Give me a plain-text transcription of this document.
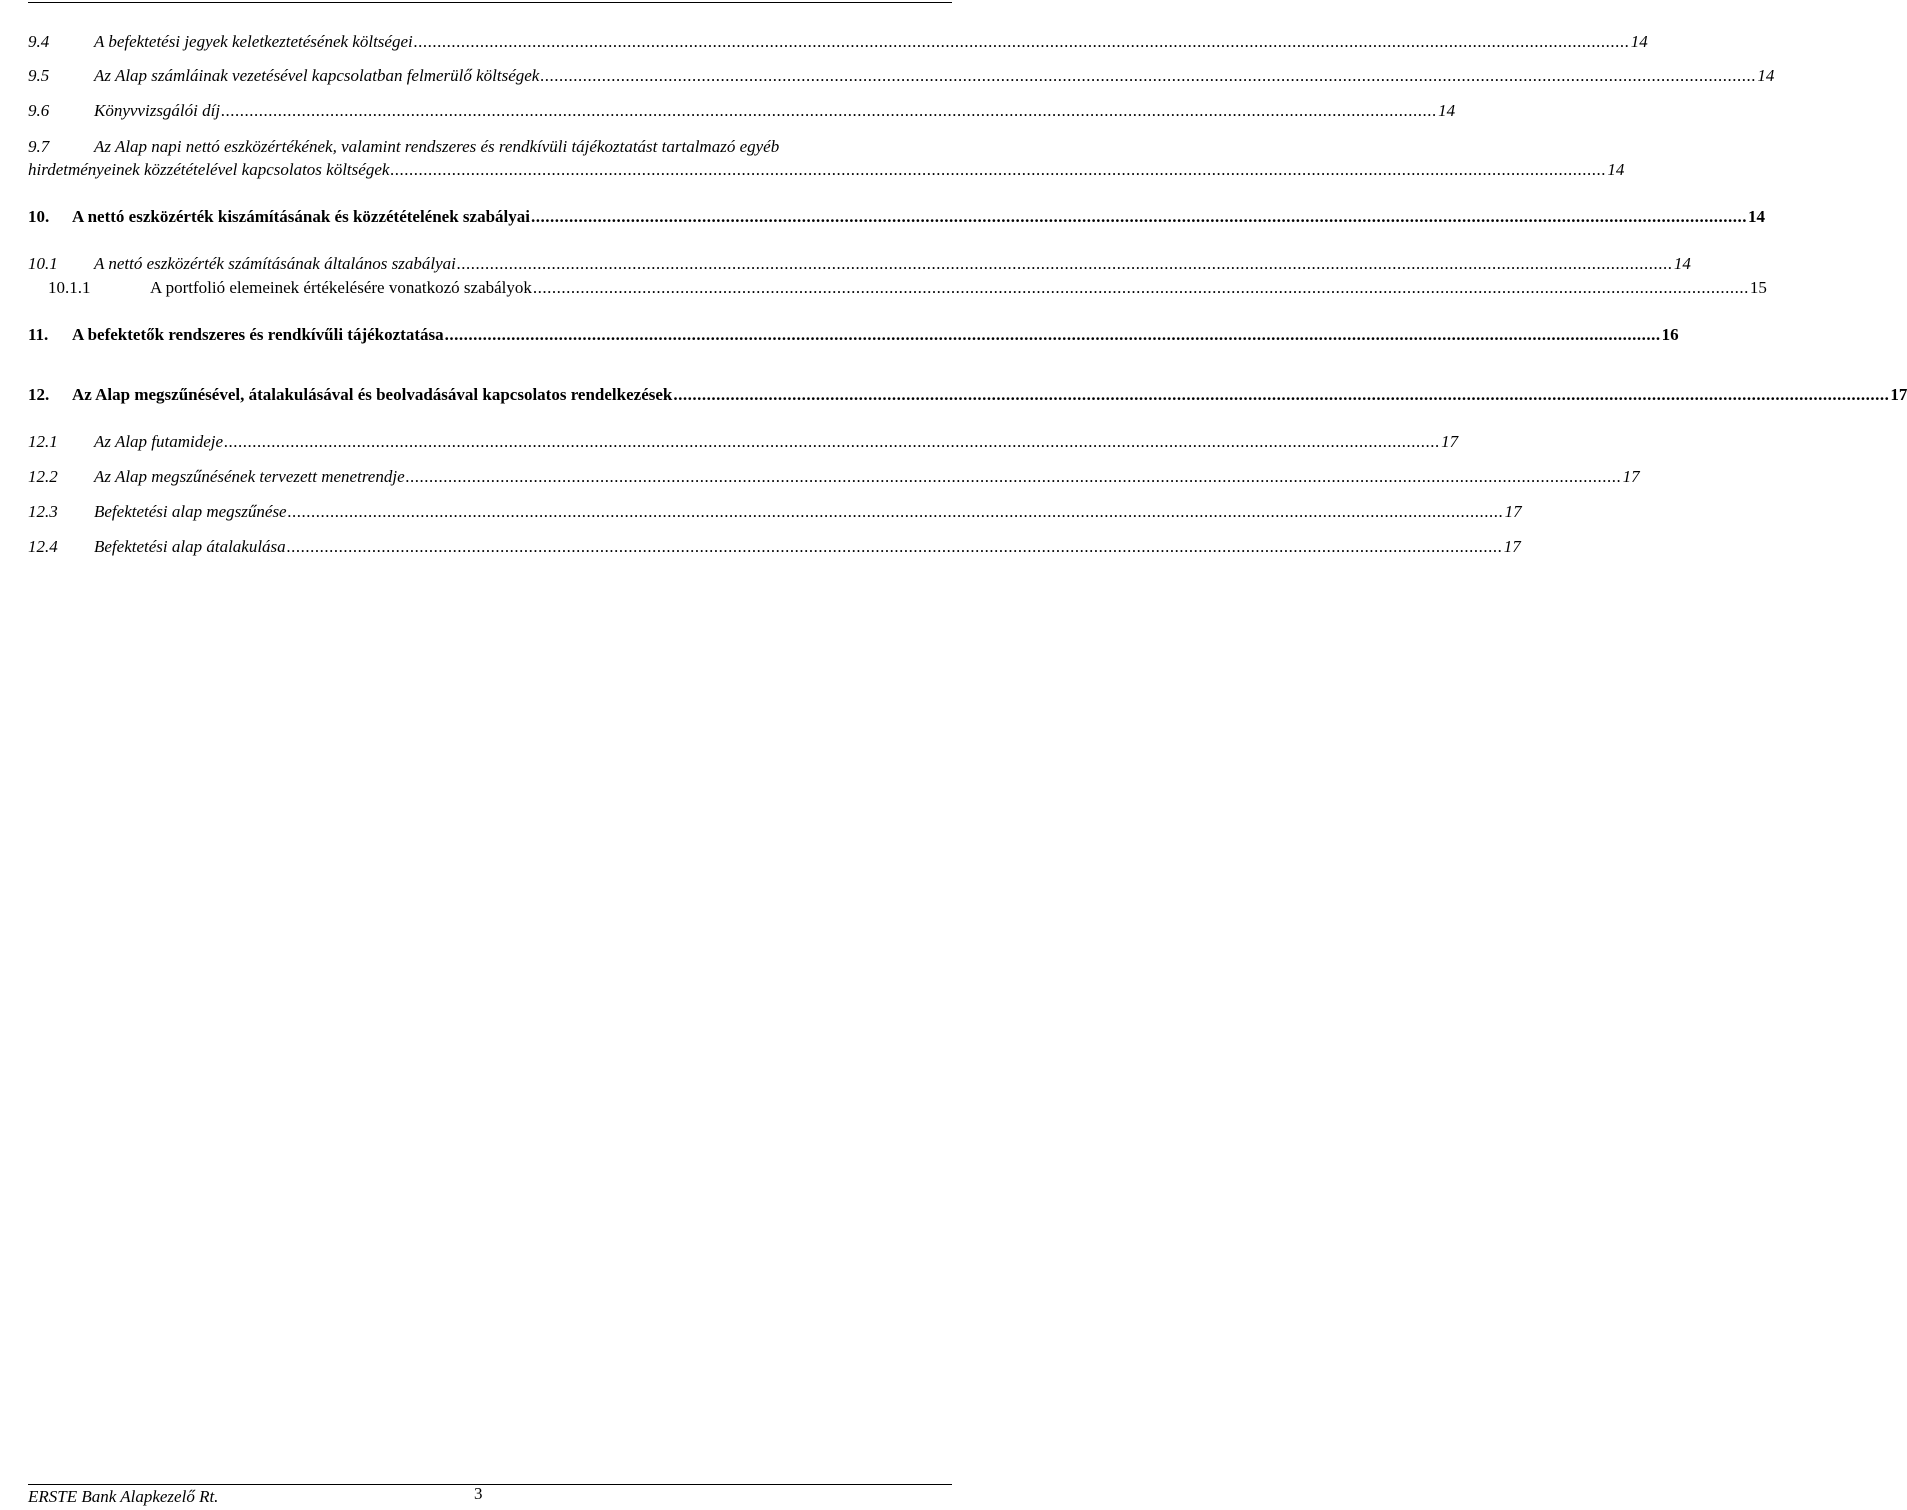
9.4	A befektetési jegyek keletkeztetésének költségei .....	14
9.5	Az Alap számláinak vezetésével kapcsolatban felmerülő költségek .....	14
9.6	Könyvvizsgálói díj .....	14
9.7	Az Alap napi nettó eszközértékének, valamint rendszeres és rendkívüli tájékoztatást tartalmazó egyéb
hirdetményeinek közzétételével kapcsolatos költségek .....	14
10.	A nettó eszközérték kiszámításának és közzétételének szabályai .....	14
10.1	A nettó eszközérték számításának általános szabályai .....	14
10.1.1	A portfolió elemeinek értékelésére vonatkozó szabályok .....	15
11.	A befektetők rendszeres és rendkívűli tájékoztatása .....	16
12.	Az Alap megszűnésével, átalakulásával és beolvadásával kapcsolatos rendelkezések .....	17
12.1	Az Alap futamideje .....	17
12.2	Az Alap megszűnésének tervezett menetrendje .....	17
12.3	Befektetési alap megszűnése .....	17
12.4	Befektetési alap átalakulása .....	17
ERSTE Bank Alapkezelő Rt.	3
